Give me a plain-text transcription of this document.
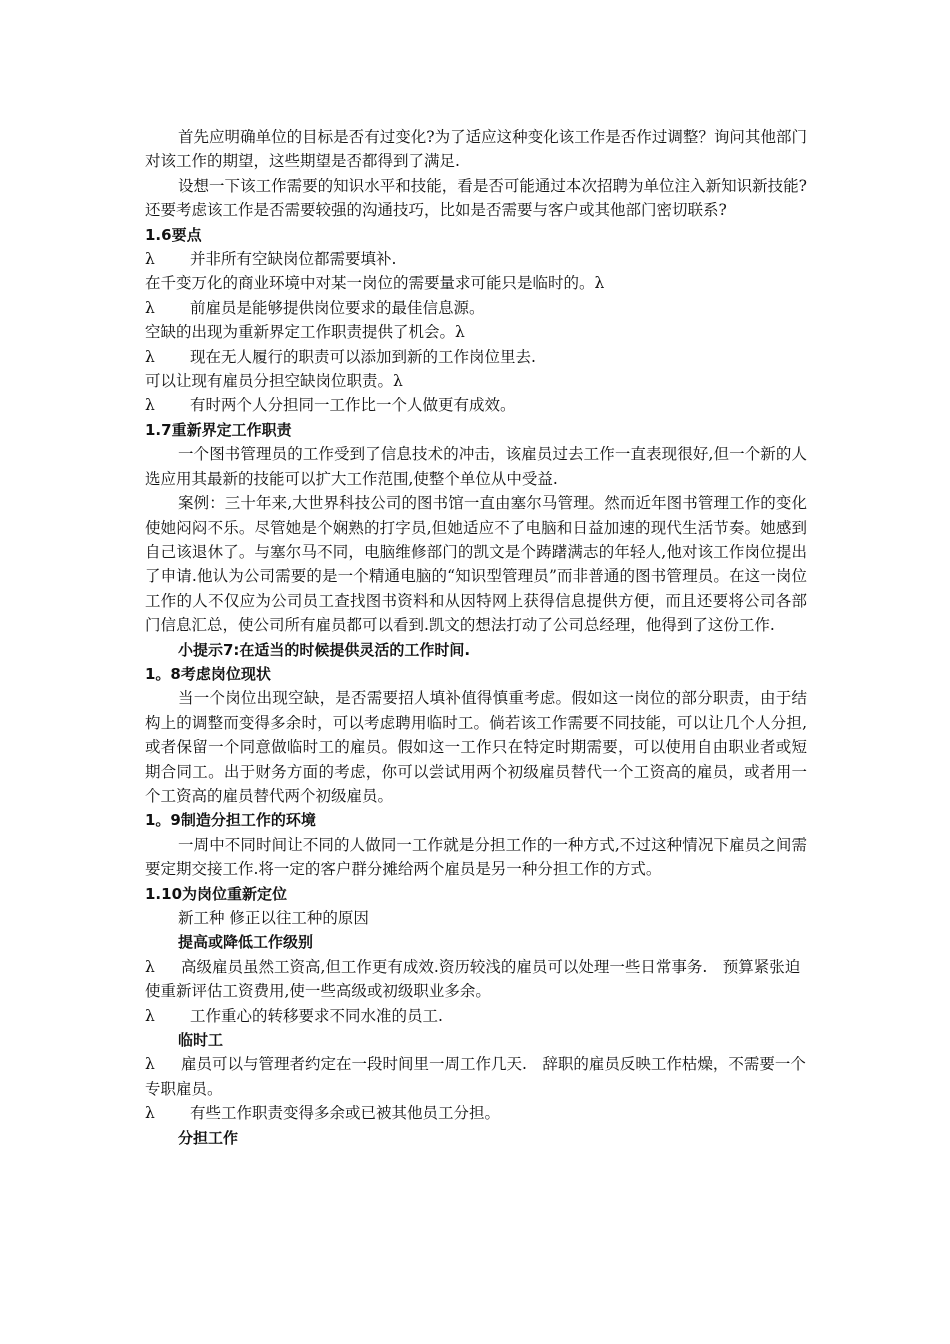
首先应明确单位的目标是否有过变化?为了适应这种变化该工作是否作过调整？询问其他部门对该工作的期望，这些期望是否都得到了满足.

设想一下该工作需要的知识水平和技能，看是否可能通过本次招聘为单位注入新知识新技能?还要考虑该工作是否需要较强的沟通技巧，比如是否需要与客户或其他部门密切联系?

1.6要点

λ	并非所有空缺岗位都需要填补.

在千变万化的商业环境中对某一岗位的需要量求可能只是临时的。λ

λ	前雇员是能够提供岗位要求的最佳信息源。

空缺的出现为重新界定工作职责提供了机会。λ

λ	现在无人履行的职责可以添加到新的工作岗位里去.

可以让现有雇员分担空缺岗位职责。λ

λ	有时两个人分担同一工作比一个人做更有成效。

1.7重新界定工作职责

一个图书管理员的工作受到了信息技术的冲击，该雇员过去工作一直表现很好,但一个新的人选应用其最新的技能可以扩大工作范围,使整个单位从中受益.

案例：三十年来,大世界科技公司的图书馆一直由塞尔马管理。然而近年图书管理工作的变化使她闷闷不乐。尽管她是个娴熟的打字员,但她适应不了电脑和日益加速的现代生活节奏。她感到自己该退休了。与塞尔马不同，电脑维修部门的凯文是个踌躇满志的年轻人,他对该工作岗位提出了申请.他认为公司需要的是一个精通电脑的“知识型管理员”而非普通的图书管理员。在这一岗位工作的人不仅应为公司员工查找图书资料和从因特网上获得信息提供方便，而且还要将公司各部门信息汇总，使公司所有雇员都可以看到.凯文的想法打动了公司总经理，他得到了这份工作.

小提示7:在适当的时候提供灵活的工作时间.

1。8考虑岗位现状

当一个岗位出现空缺，是否需要招人填补值得慎重考虑。假如这一岗位的部分职责，由于结构上的调整而变得多余时，可以考虑聘用临时工。倘若该工作需要不同技能，可以让几个人分担,或者保留一个同意做临时工的雇员。假如这一工作只在特定时期需要，可以使用自由职业者或短期合同工。出于财务方面的考虑，你可以尝试用两个初级雇员替代一个工资高的雇员，或者用一个工资高的雇员替代两个初级雇员。

1。9制造分担工作的环境

一周中不同时间让不同的人做同一工作就是分担工作的一种方式,不过这种情况下雇员之间需要定期交接工作.将一定的客户群分摊给两个雇员是另一种分担工作的方式。

1.10为岗位重新定位

新工种 修正以往工种的原因

提高或降低工作级别

λ 高级雇员虽然工资高,但工作更有成效.资历较浅的雇员可以处理一些日常事务.　预算紧张迫使重新评估工资费用,使一些高级或初级职业多余。
λ	工作重心的转移要求不同水准的员工.

临时工

λ 雇员可以与管理者约定在一段时间里一周工作几天.　辞职的雇员反映工作枯燥，不需要一个专职雇员。
λ	有些工作职责变得多余或已被其他员工分担。

分担工作
